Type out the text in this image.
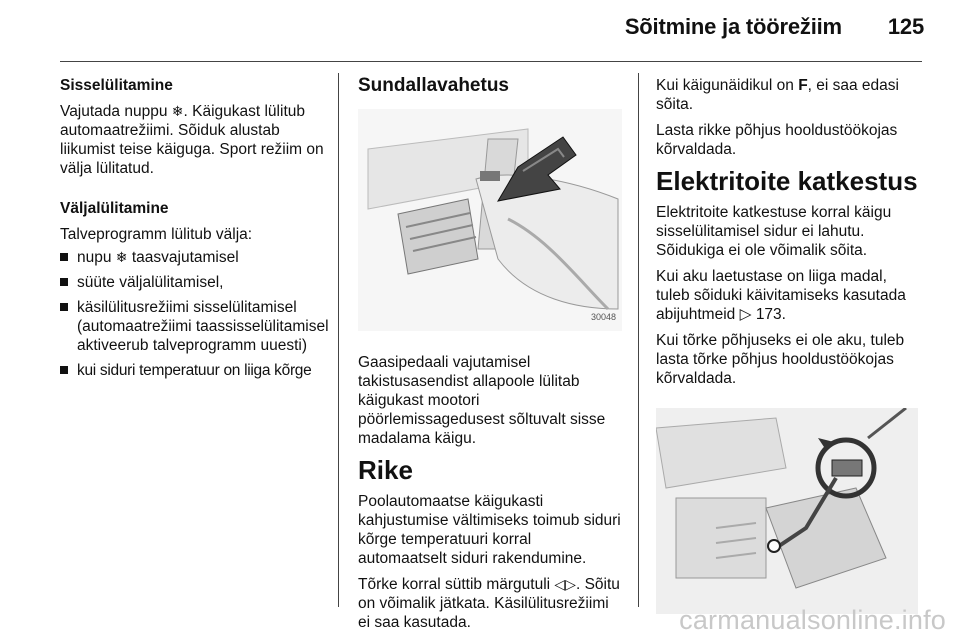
Sõitmine ja töörežiim 125

Sisselülitamine

Vajutada nuppu ❄. Käigukast lülitub automaatrežiimi. Sõiduk alustab liikumist teise käiguga. Sport režiim on välja lülitatud.

Väljalülitamine

Talveprogramm lülitub välja:

nupu ❄ taasvajutamisel
süüte väljalülitamisel,
käsilülitusrežiimi sisselülitamisel (automaatrežiimi taassisselülitamisel aktiveerub talveprogramm uuesti)
kui siduri temperatuur on liiga kõrge

Sundallavahetus

30048

Gaasipedaali vajutamisel takistusasendist allapoole lülitab käigukast mootori pöörlemissagedusest sõltuvalt sisse madalama käigu.

Rike

Poolautomaatse käigukasti kahjustumise vältimiseks toimub siduri kõrge temperatuuri korral automaatselt siduri rakendumine.

Tõrke korral süttib märgutuli ◁▷. Sõitu on võimalik jätkata. Käsilülitusrežiimi ei saa kasutada.

Kui käigunäidikul on F, ei saa edasi sõita.

Lasta rikke põhjus hooldustöökojas kõrvaldada.

Elektritoite katkestus

Elektritoite katkestuse korral käigu sisselülitamisel sidur ei lahutu. Sõidukiga ei ole võimalik sõita.

Kui aku laetustase on liiga madal, tuleb sõiduki käivitamiseks kasutada abijuhtmeid ▷ 173.

Kui tõrke põhjuseks ei ole aku, tuleb lasta tõrke põhjus hooldustöökojas kõrvaldada.

carmanualsonline.info
